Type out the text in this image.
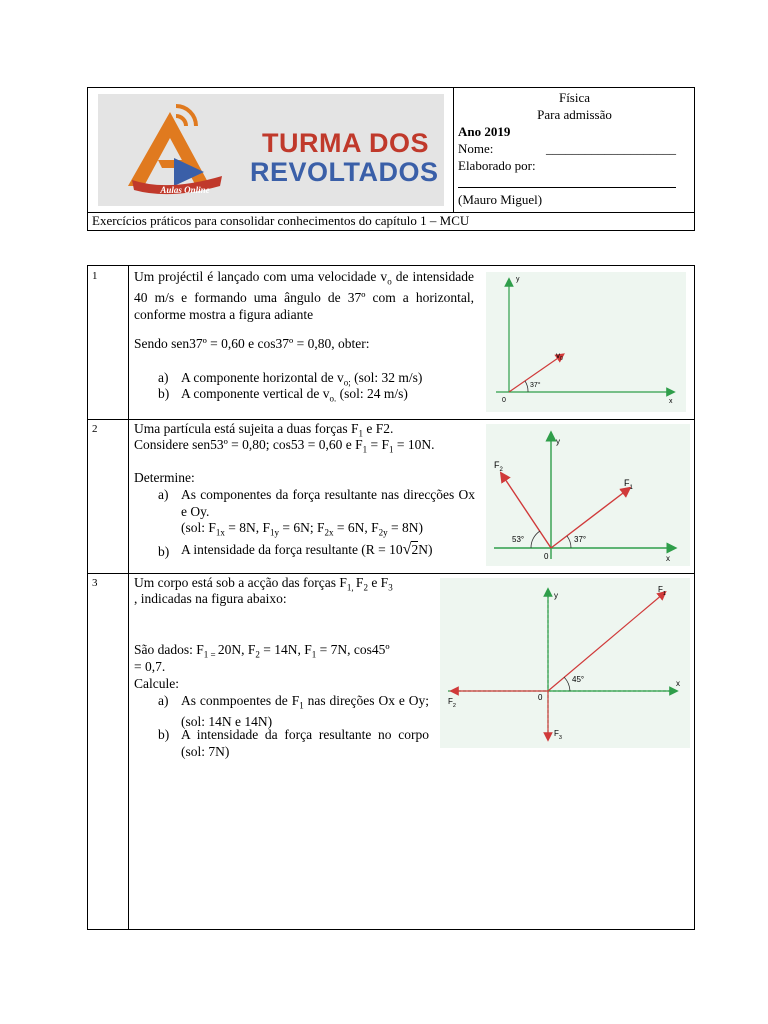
Aulas Online
TURMA DOS
REVOLTADOS
Física
Para admissão
Ano 2019
Nome:	____________________
Elaborado por:
(Mauro Miguel)
Exercícios práticos para consolidar conhecimentos do capítulo 1 – MCU
1	Um projéctil é lançado com uma velocidade $v_o$ de intensidade 40 m/s e formando uma ângulo de 37º com a horizontal, conforme mostra a figura adiante
Sendo sen37º = 0,60 e cos37º = 0,80, obter:
a) A componente horizontal de $v_{o;}$ (sol: 32 m/s)
b) A componente vertical de $v_{o.}$ (sol: 24 m/s)
y
x
0
$v_0$
37°
2	Uma partícula está sujeita a duas forças $F_1$ e F2.
Considere sen53º = 0,80; cos53 = 0,60 e $F_1 = F_1 = 10N$.
Determine:
a) As componentes da força resultante nas direcções Ox e Oy.
(sol: $F_{1x} = 8N$, $F_{1y} = 6N$; $F_{2x} = 6N$, $F_{2y} = 8N$)
b) A intensidade da força resultante (R = 10√2N)
y
x
0
$F_2$
$F_1$
53°	37°
3	Um corpo está sob a acção das forças $F_{1,}$ $F_2$ e $F_3$
, indicadas na figura abaixo:
São dados: $F_{1 =}$ 20N, $F_2 = 14N$, $F_1 = 7N$, cos45º
= 0,7.
Calcule:
a) As conmpoentes de $F_1$ nas direções Ox e Oy; (sol: 14N e 14N)
b) A intensidade da força resultante no corpo (sol: 7N)
y
x
0
$F_1$
$F_2$
$F_3$
45°
